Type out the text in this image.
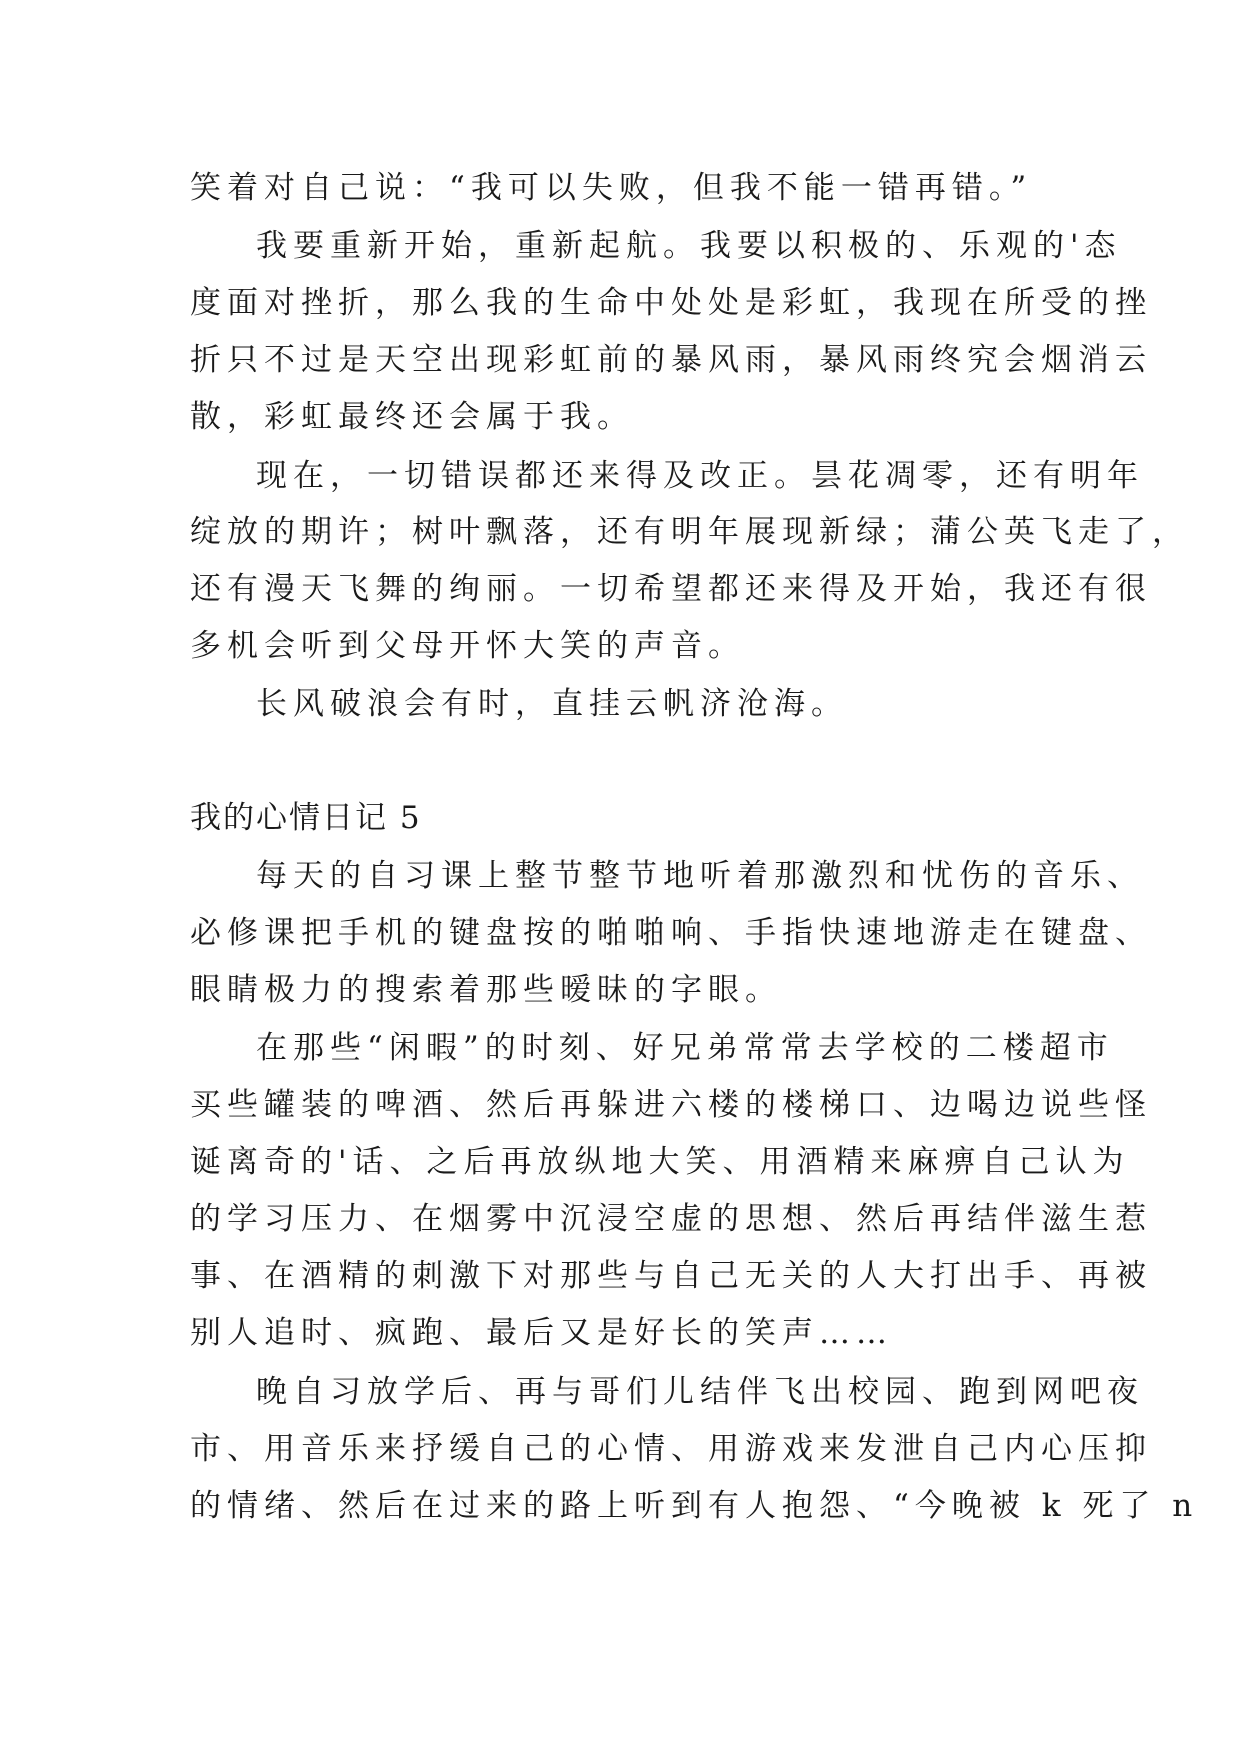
笑着对自己说：“我可以失败，但我不能一错再错。”
我要重新开始，重新起航。我要以积极的、乐观的'态
度面对挫折，那么我的生命中处处是彩虹，我现在所受的挫
折只不过是天空出现彩虹前的暴风雨，暴风雨终究会烟消云
散，彩虹最终还会属于我。
现在，一切错误都还来得及改正。昙花凋零，还有明年
绽放的期许；树叶飘落，还有明年展现新绿；蒲公英飞走了，
还有漫天飞舞的绚丽。一切希望都还来得及开始，我还有很
多机会听到父母开怀大笑的声音。
长风破浪会有时，直挂云帆济沧海。
我的心情日记 5
每天的自习课上整节整节地听着那激烈和忧伤的音乐、
必修课把手机的键盘按的啪啪响、手指快速地游走在键盘、
眼睛极力的搜索着那些暧昧的字眼。
在那些“闲暇”的时刻、好兄弟常常去学校的二楼超市
买些罐装的啤酒、然后再躲进六楼的楼梯口、边喝边说些怪
诞离奇的'话、之后再放纵地大笑、用酒精来麻痹自己认为
的学习压力、在烟雾中沉浸空虚的思想、然后再结伴滋生惹
事、在酒精的刺激下对那些与自己无关的人大打出手、再被
别人追时、疯跑、最后又是好长的笑声……
晚自习放学后、再与哥们儿结伴飞出校园、跑到网吧夜
市、用音乐来抒缓自己的心情、用游戏来发泄自己内心压抑
的情绪、然后在过来的路上听到有人抱怨、“今晚被 k 死了 n
